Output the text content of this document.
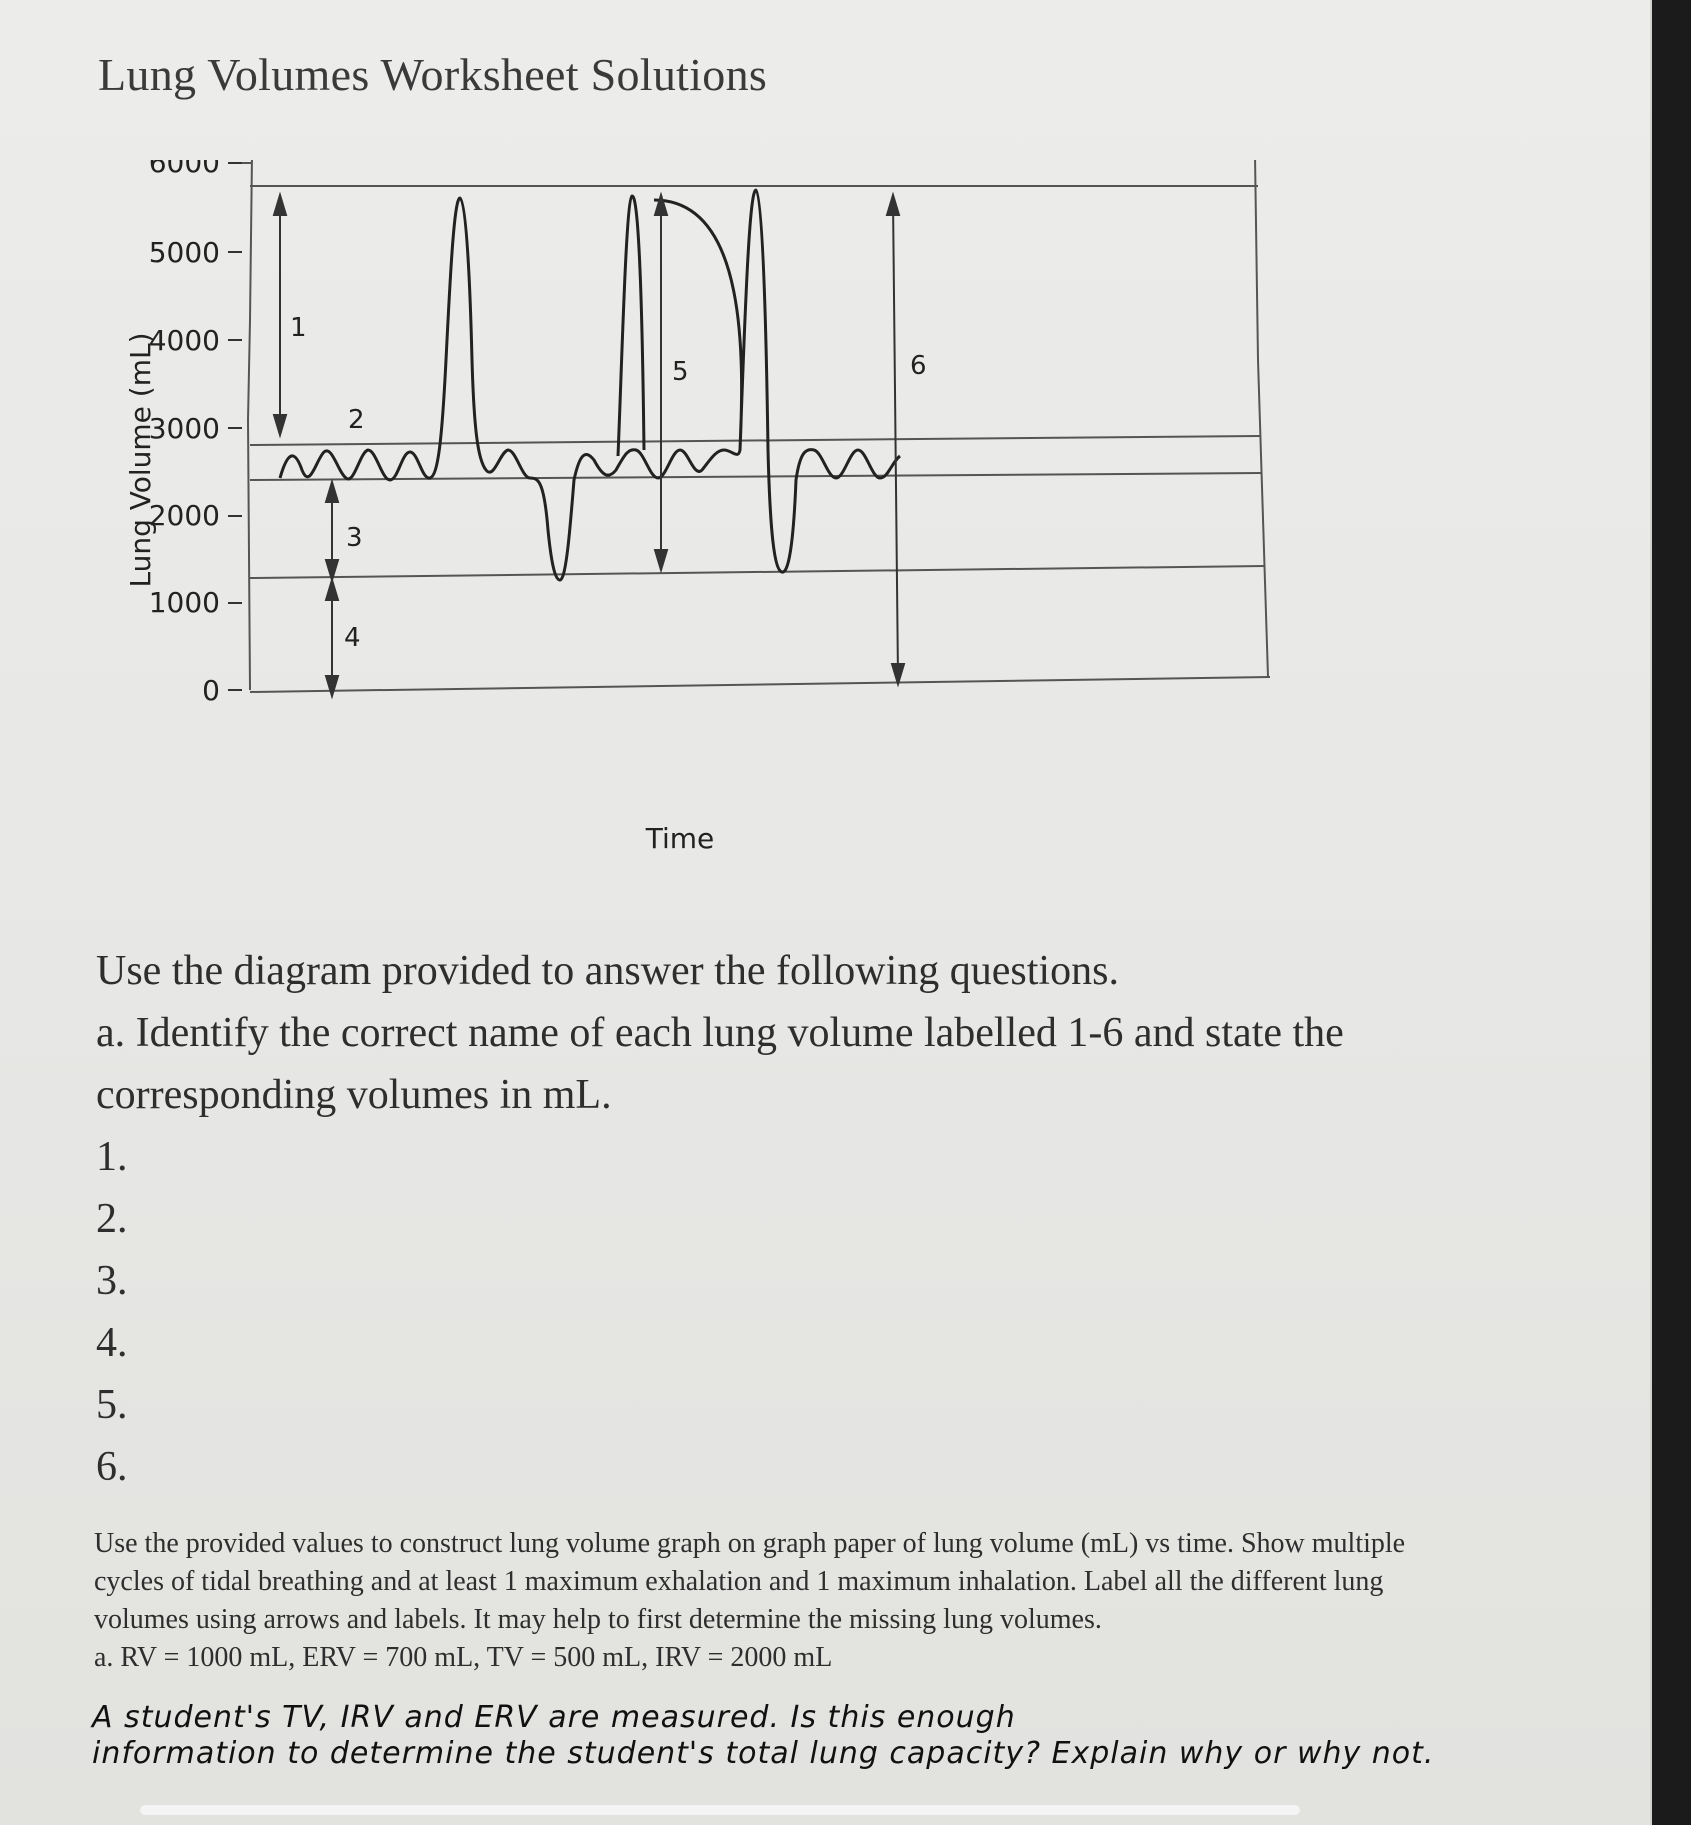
Lung Volumes Worksheet Solutions
Lung Volume (mL)
Time
6000
5000
4000
3000
2000
1000
0
1
2
3
4
5	6
Use the diagram provided to answer the following questions.
a. Identify the correct name of each lung volume labelled 1-6 and state the
corresponding volumes in mL.
1.
2.
3.
4.
5.
6.

Use the provided values to construct lung volume graph on graph paper of lung volume (mL) vs time. Show multiple

cycles of tidal breathing and at least 1 maximum exhalation and 1 maximum inhalation. Label all the different lung

volumes using arrows and labels. It may help to first determine the missing lung volumes.

a. RV = 1000 mL, ERV = 700 mL, TV = 500 mL, IRV = 2000 mL

A student's TV, IRV and ERV are measured. Is this enough
information to determine the student's total lung capacity? Explain why or why not.
